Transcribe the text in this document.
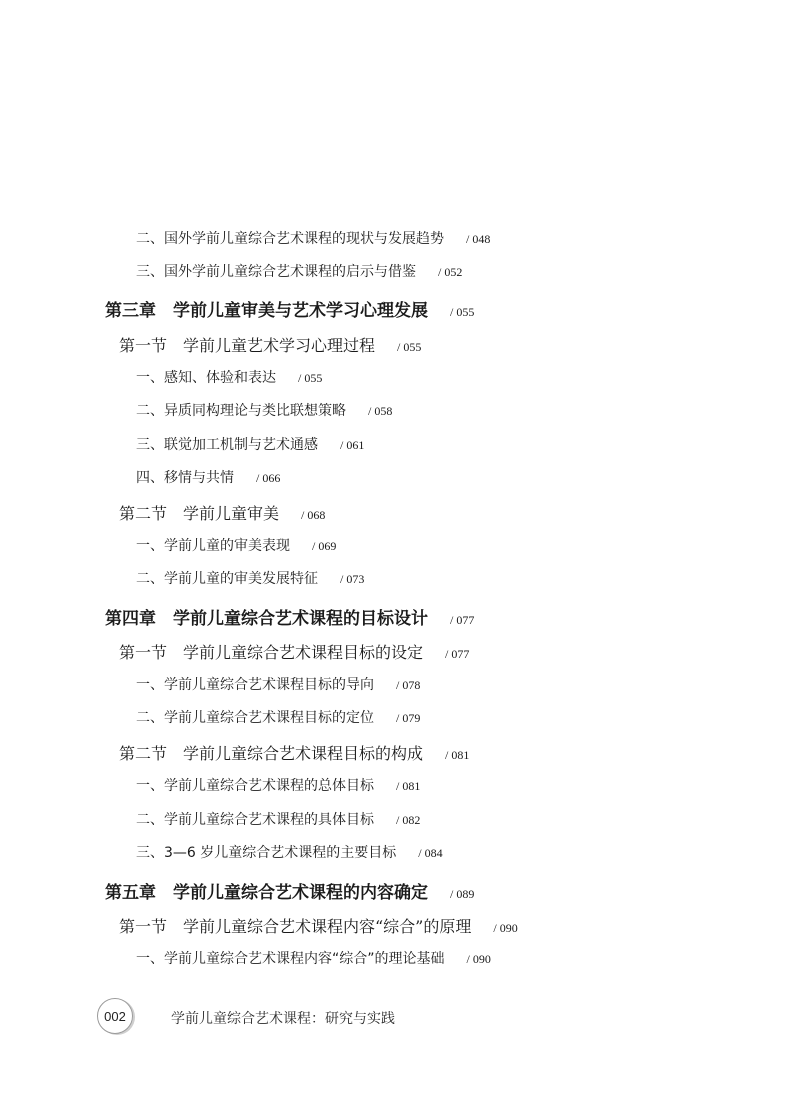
二、国外学前儿童综合艺术课程的现状与发展趋势 / 048
三、国外学前儿童综合艺术课程的启示与借鉴 / 052
第三章　学前儿童审美与艺术学习心理发展 / 055
第一节　学前儿童艺术学习心理过程 / 055
一、感知、体验和表达 / 055
二、异质同构理论与类比联想策略 / 058
三、联觉加工机制与艺术通感 / 061
四、移情与共情 / 066
第二节　学前儿童审美 / 068
一、学前儿童的审美表现 / 069
二、学前儿童的审美发展特征 / 073
第四章　学前儿童综合艺术课程的目标设计 / 077
第一节　学前儿童综合艺术课程目标的设定 / 077
一、学前儿童综合艺术课程目标的导向 / 078
二、学前儿童综合艺术课程目标的定位 / 079
第二节　学前儿童综合艺术课程目标的构成 / 081
一、学前儿童综合艺术课程的总体目标 / 081
二、学前儿童综合艺术课程的具体目标 / 082
三、3—6 岁儿童综合艺术课程的主要目标 / 084
第五章　学前儿童综合艺术课程的内容确定 / 089
第一节　学前儿童综合艺术课程内容“综合”的原理 / 090
一、学前儿童综合艺术课程内容“综合”的理论基础 / 090
002	学前儿童综合艺术课程：研究与实践
